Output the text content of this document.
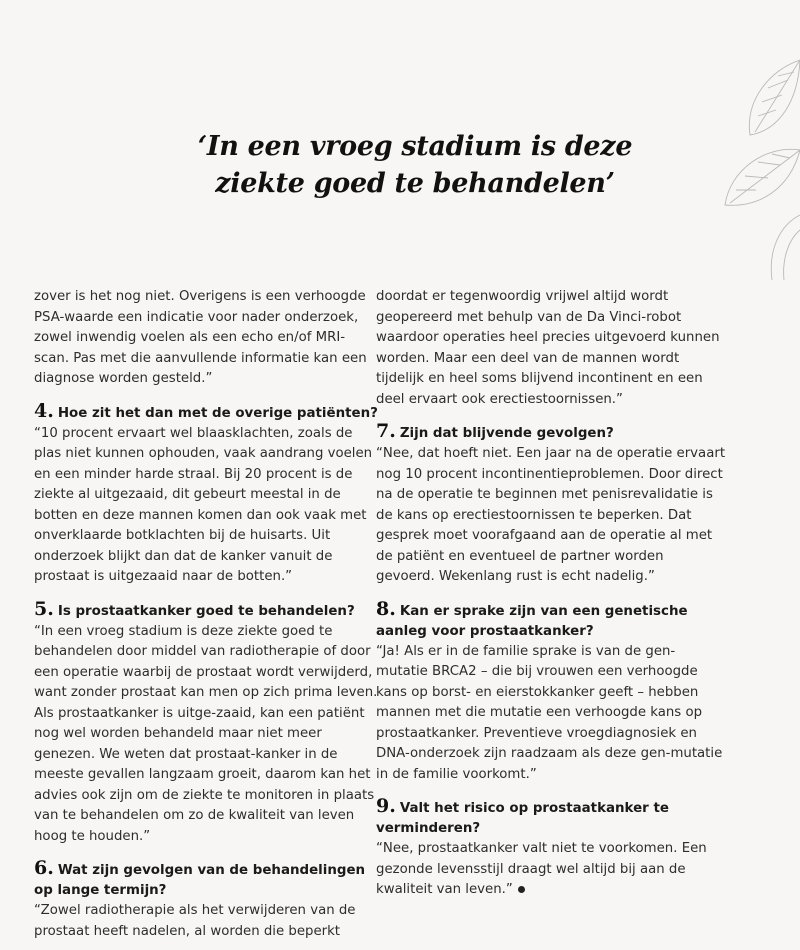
‘In een vroeg stadium is deze ziekte goed te behandelen’

zover is het nog niet. Overigens is een verhoogde PSA-waarde een indicatie voor nader onderzoek, zowel inwendig voelen als een echo en/of MRI-scan. Pas met die aanvullende informatie kan een diagnose worden gesteld.”

4. Hoe zit het dan met de overige patiënten?

“10 procent ervaart wel blaasklachten, zoals de plas niet kunnen ophouden, vaak aandrang voelen en een minder harde straal. Bij 20 procent is de ziekte al uitgezaaid, dit gebeurt meestal in de botten en deze mannen komen dan ook vaak met onverklaarde botklachten bij de huisarts. Uit onderzoek blijkt dan dat de kanker vanuit de prostaat is uitgezaaid naar de botten.”

5. Is prostaatkanker goed te behandelen?

“In een vroeg stadium is deze ziekte goed te behandelen door middel van radiotherapie of door een operatie waarbij de prostaat wordt verwijderd, want zonder prostaat kan men op zich prima leven. Als prostaatkanker is uitge-zaaid, kan een patiënt nog wel worden behandeld maar niet meer genezen. We weten dat prostaat-kanker in de meeste gevallen langzaam groeit, daarom kan het advies ook zijn om de ziekte te monitoren in plaats van te behandelen om zo de kwaliteit van leven hoog te houden.”

6. Wat zijn gevolgen van de behandelingen op lange termijn?

“Zowel radiotherapie als het verwijderen van de prostaat heeft nadelen, al worden die beperkt

doordat er tegenwoordig vrijwel altijd wordt geopereerd met behulp van de Da Vinci-robot waardoor operaties heel precies uitgevoerd kunnen worden. Maar een deel van de mannen wordt tijdelijk en heel soms blijvend incontinent en een deel ervaart ook erectiestoornissen.”

7. Zijn dat blijvende gevolgen?

“Nee, dat hoeft niet. Een jaar na de operatie ervaart nog 10 procent incontinentieproblemen. Door direct na de operatie te beginnen met penisrevalidatie is de kans op erectiestoornissen te beperken. Dat gesprek moet voorafgaand aan de operatie al met de patiënt en eventueel de partner worden gevoerd. Wekenlang rust is echt nadelig.”

8. Kan er sprake zijn van een genetische aanleg voor prostaatkanker?

“Ja! Als er in de familie sprake is van de gen-mutatie BRCA2 – die bij vrouwen een verhoogde kans op borst- en eierstokkanker geeft – hebben mannen met die mutatie een verhoogde kans op prostaatkanker. Preventieve vroegdiagnosiek en DNA-onderzoek zijn raadzaam als deze gen-mutatie in de familie voorkomt.”

9. Valt het risico op prostaatkanker te verminderen?

“Nee, prostaatkanker valt niet te voorkomen. Een gezonde levensstijl draagt wel altijd bij aan de kwaliteit van leven.”
